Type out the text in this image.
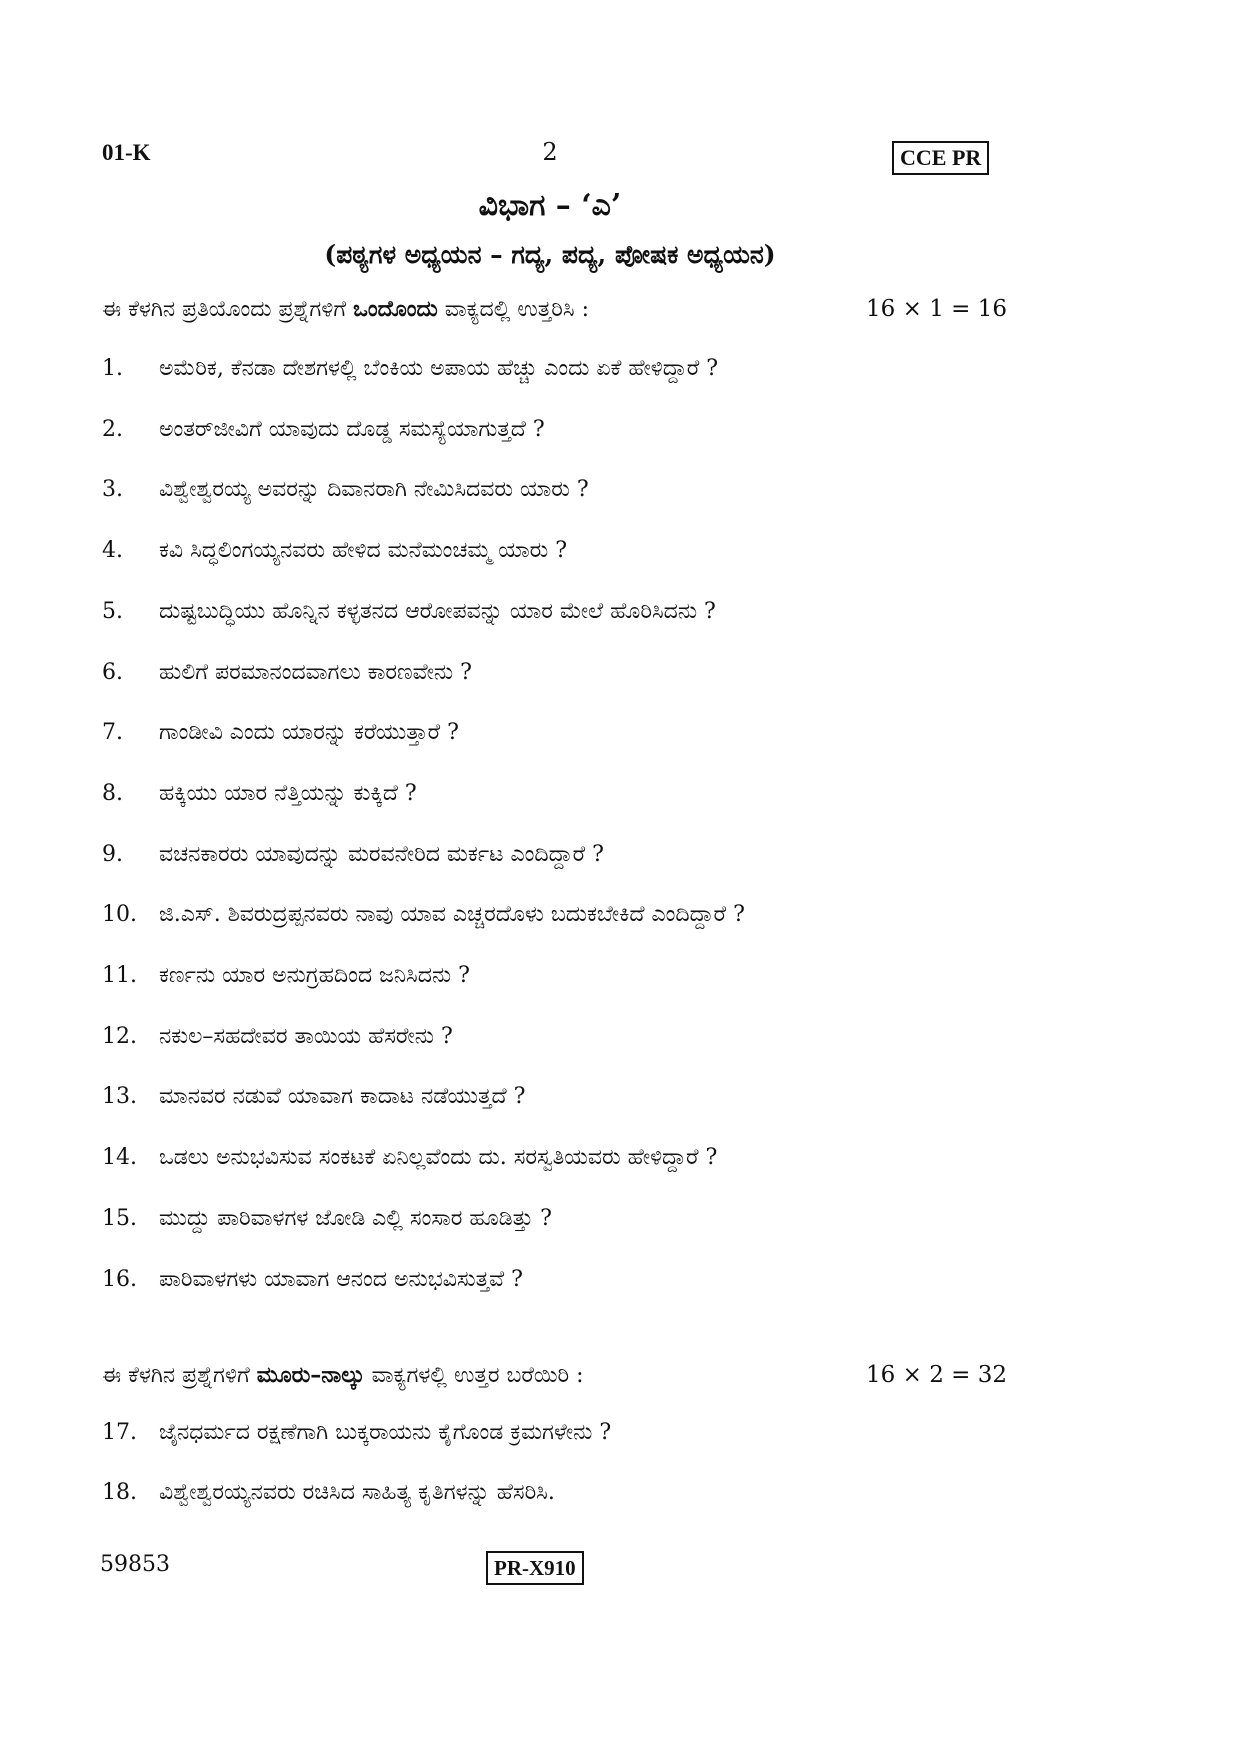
01-K	2	CCE PR
ವಿಭಾಗ – ‘ಎ’
(ಪಠ್ಯಗಳ ಅಧ್ಯಯನ – ಗದ್ಯ, ಪದ್ಯ, ಪೋಷಕ ಅಧ್ಯಯನ)
ಈ ಕೆಳಗಿನ ಪ್ರತಿಯೊಂದು ಪ್ರಶ್ನೆಗಳಿಗೆ ಒಂದೊಂದು ವಾಕ್ಯದಲ್ಲಿ ಉತ್ತರಿಸಿ :	16 × 1 = 16
1. ಅಮೆರಿಕ, ಕೆನಡಾ ದೇಶಗಳಲ್ಲಿ ಬೆಂಕಿಯ ಅಪಾಯ ಹೆಚ್ಚು ಎಂದು ಏಕೆ ಹೇಳಿದ್ದಾರೆ ?
2. ಅಂತರ್‌ಜೀವಿಗೆ ಯಾವುದು ದೊಡ್ಡ ಸಮಸ್ಯೆಯಾಗುತ್ತದೆ ?
3. ವಿಶ್ವೇಶ್ವರಯ್ಯ ಅವರನ್ನು ದಿವಾನರಾಗಿ ನೇಮಿಸಿದವರು ಯಾರು ?
4. ಕವಿ ಸಿದ್ಧಲಿಂಗಯ್ಯನವರು ಹೇಳಿದ ಮನೆಮಂಚಮ್ಮ ಯಾರು ?
5. ದುಷ್ಟಬುದ್ಧಿಯು ಹೊನ್ನಿನ ಕಳ್ಳತನದ ಆರೋಪವನ್ನು ಯಾರ ಮೇಲೆ ಹೊರಿಸಿದನು ?
6. ಹುಲಿಗೆ ಪರಮಾನಂದವಾಗಲು ಕಾರಣವೇನು ?
7. ಗಾಂಡೀವಿ ಎಂದು ಯಾರನ್ನು ಕರೆಯುತ್ತಾರೆ ?
8. ಹಕ್ಕಿಯು ಯಾರ ನೆತ್ತಿಯನ್ನು ಕುಕ್ಕಿದೆ ?
9. ವಚನಕಾರರು ಯಾವುದನ್ನು ಮರವನೇರಿದ ಮರ್ಕಟ ಎಂದಿದ್ದಾರೆ ?
10. ಜಿ.ಎಸ್. ಶಿವರುದ್ರಪ್ಪನವರು ನಾವು ಯಾವ ಎಚ್ಚರದೊಳು ಬದುಕಬೇಕಿದೆ ಎಂದಿದ್ದಾರೆ ?
11. ಕರ್ಣನು ಯಾರ ಅನುಗ್ರಹದಿಂದ ಜನಿಸಿದನು ?
12. ನಕುಲ–ಸಹದೇವರ ತಾಯಿಯ ಹೆಸರೇನು ?
13. ಮಾನವರ ನಡುವೆ ಯಾವಾಗ ಕಾದಾಟ ನಡೆಯುತ್ತದೆ ?
14. ಒಡಲು ಅನುಭವಿಸುವ ಸಂಕಟಕೆ ಏನಿಲ್ಲವೆಂದು ದು. ಸರಸ್ವತಿಯವರು ಹೇಳಿದ್ದಾರೆ ?
15. ಮುದ್ದು ಪಾರಿವಾಳಗಳ ಜೋಡಿ ಎಲ್ಲಿ ಸಂಸಾರ ಹೂಡಿತ್ತು ?
16. ಪಾರಿವಾಳಗಳು ಯಾವಾಗ ಆನಂದ ಅನುಭವಿಸುತ್ತವೆ ?
ಈ ಕೆಳಗಿನ ಪ್ರಶ್ನೆಗಳಿಗೆ ಮೂರು–ನಾಲ್ಕು ವಾಕ್ಯಗಳಲ್ಲಿ ಉತ್ತರ ಬರೆಯಿರಿ :	16 × 2 = 32
17. ಜೈನಧರ್ಮದ ರಕ್ಷಣೆಗಾಗಿ ಬುಕ್ಕರಾಯನು ಕೈಗೊಂಡ ಕ್ರಮಗಳೇನು ?
18. ವಿಶ್ವೇಶ್ವರಯ್ಯನವರು ರಚಿಸಿದ ಸಾಹಿತ್ಯ ಕೃತಿಗಳನ್ನು ಹೆಸರಿಸಿ.
59853	PR-X910
